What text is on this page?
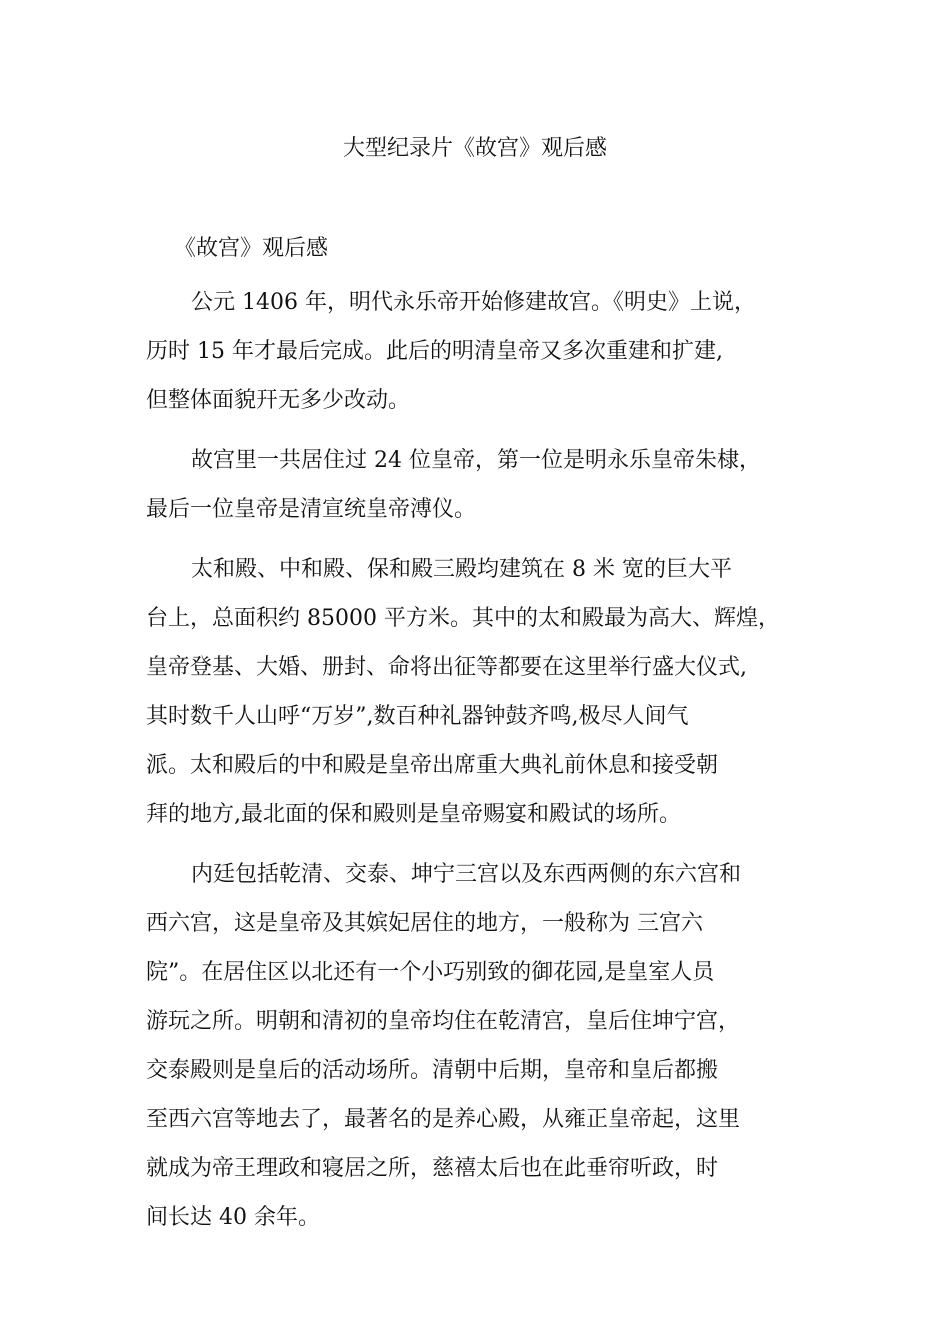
大型纪录片《故宫》观后感
《故宫》观后感
公元 1406 年，明代永乐帝开始修建故宫。《明史》上说，
历时 15 年才最后完成。此后的明清皇帝又多次重建和扩建,
但整体面貌幵无多少改动。
故宫里一共居住过 24 位皇帝，第一位是明永乐皇帝朱棣，
最后一位皇帝是清宣统皇帝溥仪。
太和殿、中和殿、保和殿三殿均建筑在 8 米 宽的巨大平
台上，总面积约 85000 平方米。其中的太和殿最为高大、辉煌，
皇帝登基、大婚、册封、命将出征等都要在这里举行盛大仪式,
其时数千人山呼“万岁”,数百种礼器钟鼓齐鸣,极尽人间气
派。太和殿后的中和殿是皇帝出席重大典礼前休息和接受朝
拜的地方,最北面的保和殿则是皇帝赐宴和殿试的场所。
内廷包括乾清、交泰、坤宁三宫以及东西两侧的东六宫和
西六宫，这是皇帝及其嫔妃居住的地方，一般称为 三宫六
院”。在居住区以北还有一个小巧别致的御花园,是皇室人员
游玩之所。明朝和清初的皇帝均住在乾清宫，皇后住坤宁宫，
交泰殿则是皇后的活动场所。清朝中后期，皇帝和皇后都搬
至西六宫等地去了，最著名的是养心殿，从雍正皇帝起，这里
就成为帝王理政和寝居之所，慈禧太后也在此垂帘听政，时
间长达 40 余年。
